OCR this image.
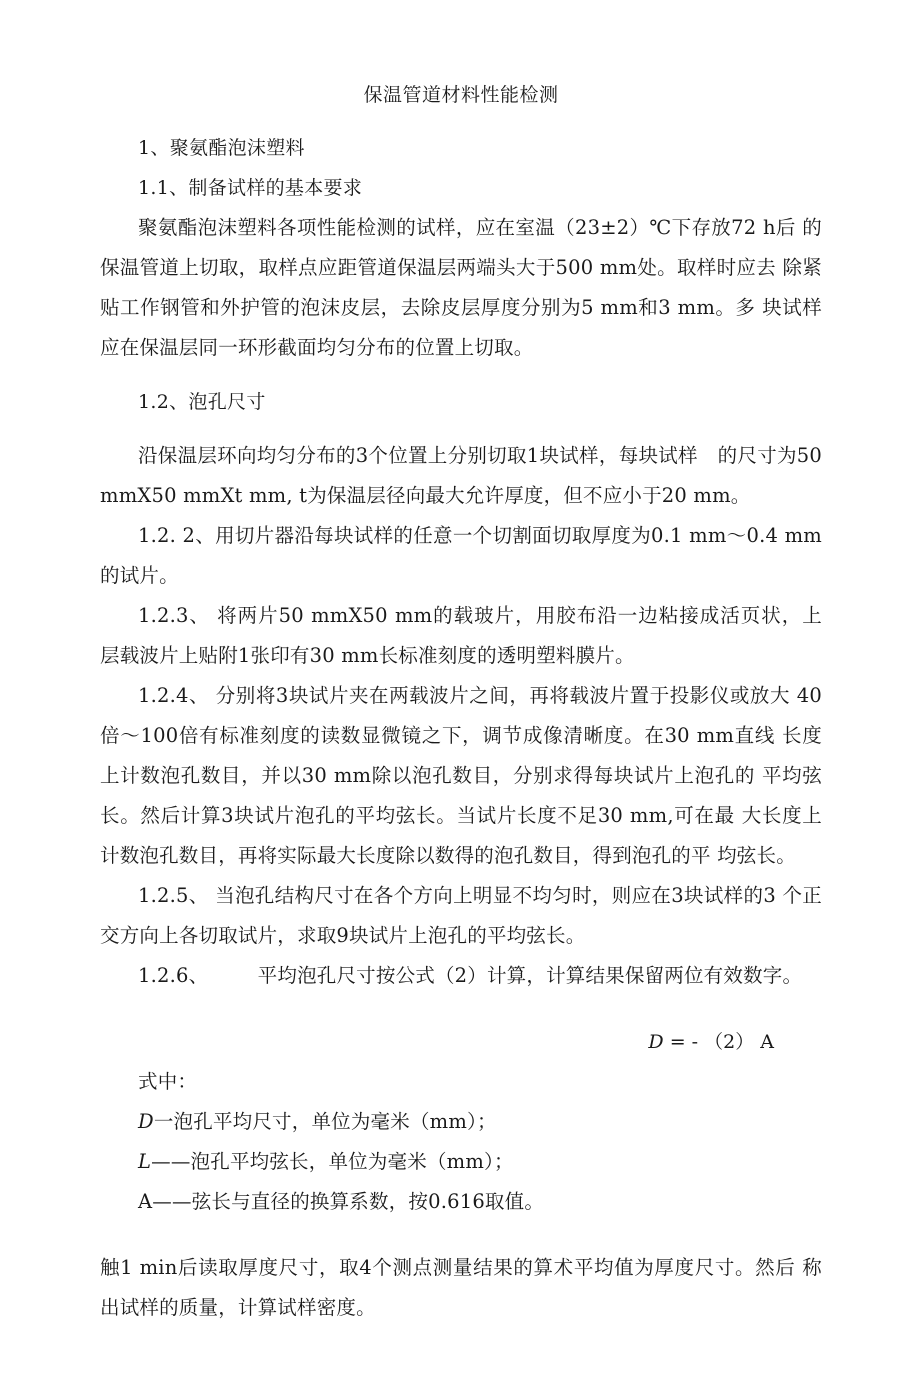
保温管道材料性能检测
1、聚氨酯泡沫塑料
1.1、制备试样的基本要求
聚氨酯泡沫塑料各项性能检测的试样，应在室温（23±2）℃下存放72 h后 的保温管道上切取，取样点应距管道保温层两端头大于500 mm处。取样时应去 除紧贴工作钢管和外护管的泡沫皮层，去除皮层厚度分别为5 mm和3 mm。多 块试样应在保温层同一环形截面均匀分布的位置上切取。
1.2、泡孔尺寸
沿保温层环向均匀分布的3个位置上分别切取1块试样，每块试样　的尺寸为50 mmX50 mmXt mm, t为保温层径向最大允许厚度，但不应小于20 mm。
1.2. 2、用切片器沿每块试样的任意一个切割面切取厚度为0.1 mm〜0.4 mm 的试片。
1.2.3、 将两片50 mmX50 mm的载玻片，用胶布沿一边粘接成活页状，上 层载波片上贴附1张印有30 mm长标准刻度的透明塑料膜片。
1.2.4、 分别将3块试片夹在两载波片之间，再将载波片置于投影仪或放大 40倍〜100倍有标准刻度的读数显微镜之下，调节成像清晰度。在30 mm直线 长度上计数泡孔数目，并以30 mm除以泡孔数目，分别求得每块试片上泡孔的 平均弦长。然后计算3块试片泡孔的平均弦长。当试片长度不足30 mm,可在最 大长度上计数泡孔数目，再将实际最大长度除以数得的泡孔数目，得到泡孔的平 均弦长。
1.2.5、 当泡孔结构尺寸在各个方向上明显不均匀时，则应在3块试样的3 个正交方向上各切取试片，求取9块试片上泡孔的平均弦长。
1.2.6、　　　平均泡孔尺寸按公式（2）计算，计算结果保留两位有效数字。
D = - （2） A
式中：
D一泡孔平均尺寸，单位为毫米（mm）；
L——泡孔平均弦长，单位为毫米（mm）；
A——弦长与直径的换算系数，按0.616取值。
触1 min后读取厚度尺寸，取4个测点测量结果的算术平均值为厚度尺寸。然后 称出试样的质量，计算试样密度。
